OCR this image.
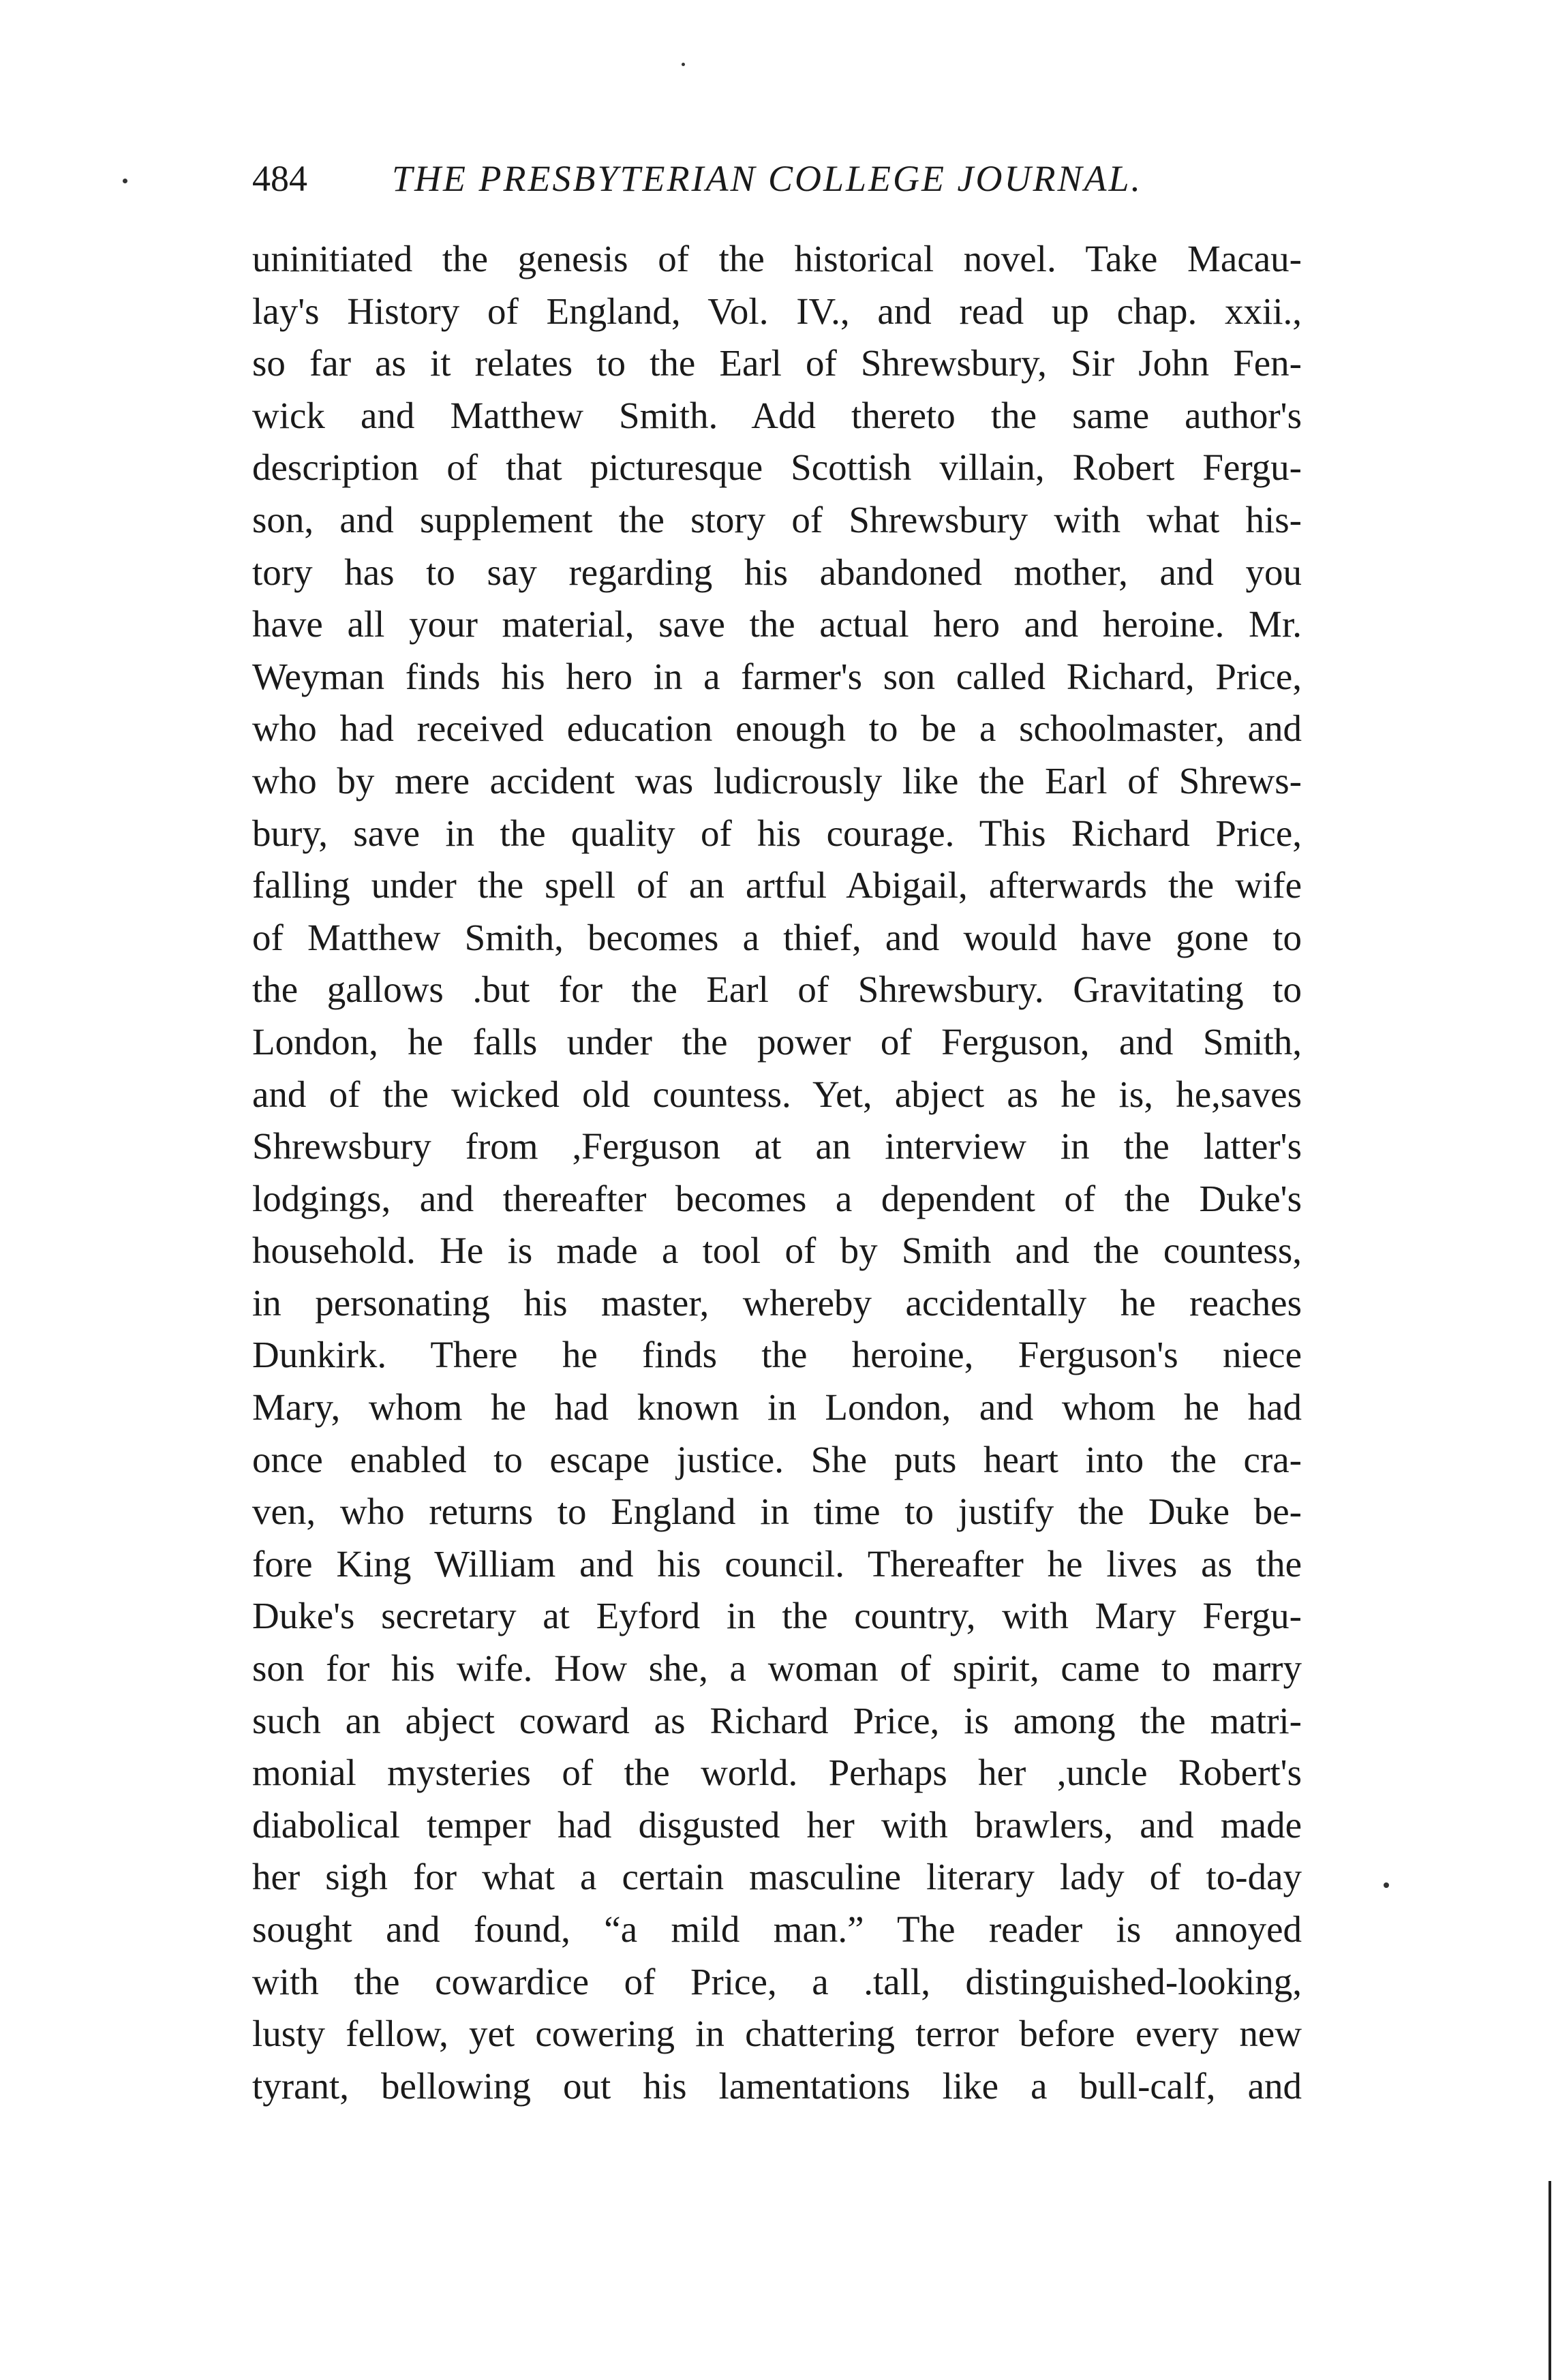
484 THE PRESBYTERIAN COLLEGE JOURNAL.
uninitiated the genesis of the historical novel. Take Macau-
lay's History of England, Vol. IV., and read up chap. xxii.,
so far as it relates to the Earl of Shrewsbury, Sir John Fen-
wick and Matthew Smith. Add thereto the same author's
description of that picturesque Scottish villain, Robert Fergu-
son, and supplement the story of Shrewsbury with what his-
tory has to say regarding his abandoned mother, and you
have all your material, save the actual hero and heroine. Mr.
Weyman finds his hero in a farmer's son called Richard, Price,
who had received education enough to be a schoolmaster, and
who by mere accident was ludicrously like the Earl of Shrews-
bury, save in the quality of his courage. This Richard Price,
falling under the spell of an artful Abigail, afterwards the wife
of Matthew Smith, becomes a thief, and would have gone to
the gallows .but for the Earl of Shrewsbury. Gravitating to
London, he falls under the power of Ferguson, and Smith,
and of the wicked old countess. Yet, abject as he is, he,saves
Shrewsbury from ,Ferguson at an interview in the latter's
lodgings, and thereafter becomes a dependent of the Duke's
household. He is made a tool of by Smith and the countess,
in personating his master, whereby accidentally he reaches
Dunkirk. There he finds the heroine, Ferguson's niece
Mary, whom he had known in London, and whom he had
once enabled to escape justice. She puts heart into the cra-
ven, who returns to England in time to justify the Duke be-
fore King William and his council. Thereafter he lives as the
Duke's secretary at Eyford in the country, with Mary Fergu-
son for his wife. How she, a woman of spirit, came to marry
such an abject coward as Richard Price, is among the matri-
monial mysteries of the world. Perhaps her ,uncle Robert's
diabolical temper had disgusted her with brawlers, and made
her sigh for what a certain masculine literary lady of to-day
sought and found, “a mild man.” The reader is annoyed
with the cowardice of Price, a .tall, distinguished-looking,
lusty fellow, yet cowering in chattering terror before every new
tyrant, bellowing out his lamentations like a bull-calf, and
